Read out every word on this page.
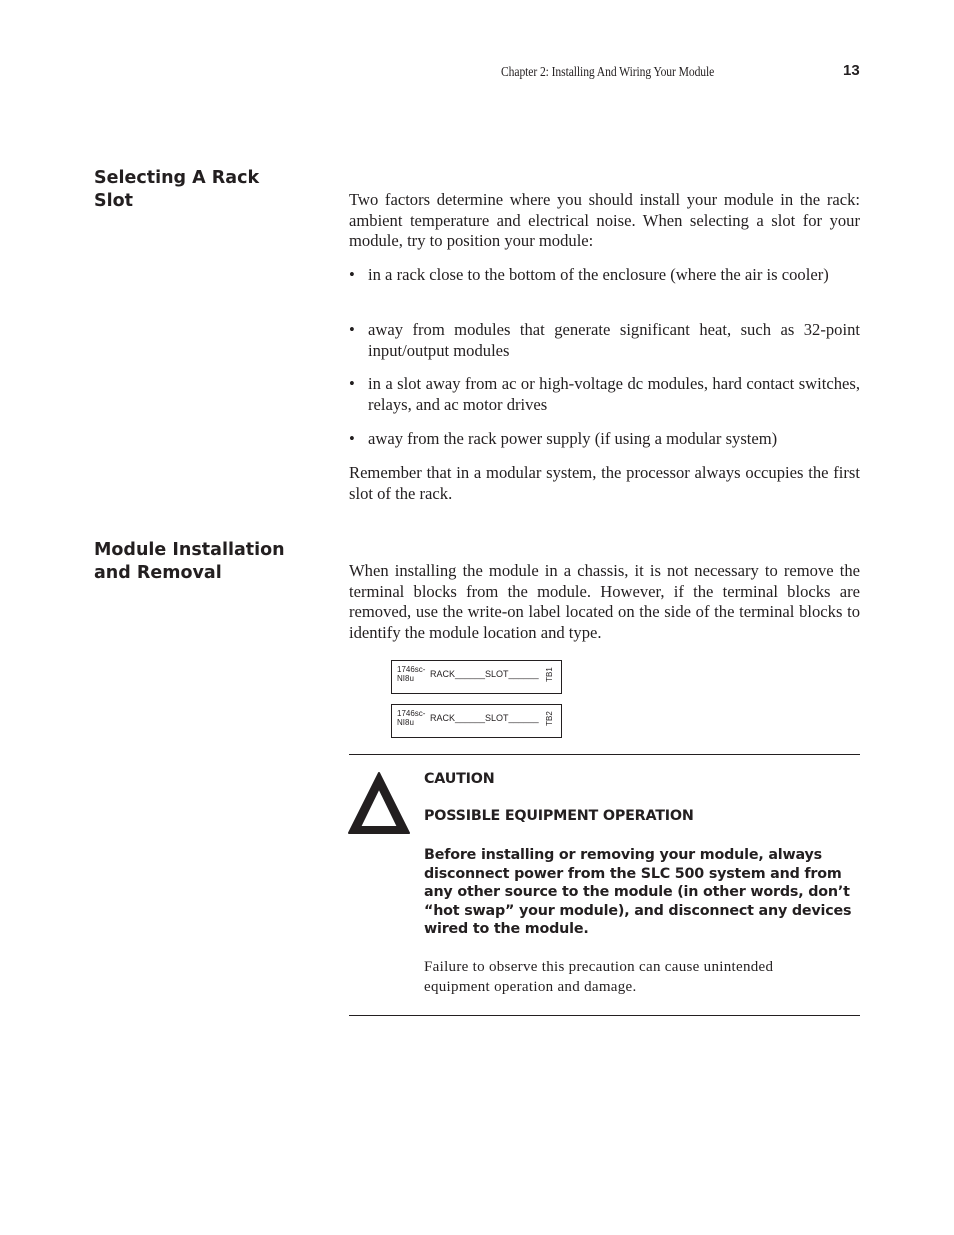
Chapter 2: Installing And Wiring Your Module	13
Selecting A Rack
Slot	Two factors determine where you should install your module in the rack: ambient temperature and electrical noise. When selecting a slot for your module, try to position your module:
• in a rack close to the bottom of the enclosure (where the air is cooler)
• away from modules that generate significant heat, such as 32-point input/output modules
• in a slot away from ac or high-voltage dc modules, hard contact switches, relays, and ac motor drives
• away from the rack power supply (if using a modular system)
Remember that in a modular system, the processor always occupies the first slot of the rack.
Module Installation
and Removal	When installing the module in a chassis, it is not necessary to remove the terminal blocks from the module. However, if the terminal blocks are removed, use the write-on label located on the side of the terminal blocks to identify the module location and type.
1746sc-
NI8u	RACK______SLOT______ TB1
1746sc-
NI8u	RACK______SLOT______ TB2
CAUTION
POSSIBLE EQUIPMENT OPERATION
Before installing or removing your module, always disconnect power from the SLC 500 system and from any other source to the module (in other words, don’t “hot swap” your module), and disconnect any devices wired to the module.
Failure to observe this precaution can cause unintended equipment operation and damage.
